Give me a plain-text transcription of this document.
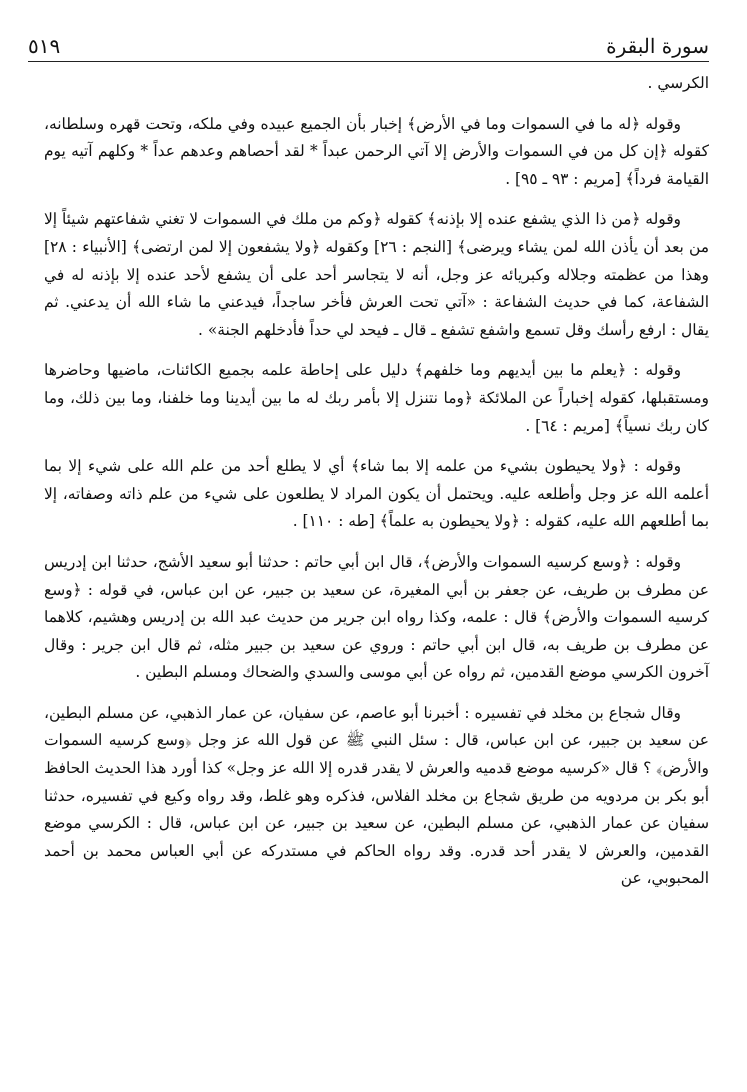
سورة البقرة
٥١٩

الكرسي .

وقوله ﴿له ما في السموات وما في الأرض﴾ إخبار بأن الجميع عبيده وفي ملكه، وتحت قهره وسلطانه، كقوله ﴿إن كل من في السموات والأرض إلا آتي الرحمن عبداً * لقد أحصاهم وعدهم عداً * وكلهم آتيه يوم القيامة فرداً﴾ [مريم : ٩٣ ـ ٩٥] .

وقوله ﴿من ذا الذي يشفع عنده إلا بإذنه﴾ كقوله ﴿وكم من ملك في السموات لا تغني شفاعتهم شيئاً إلا من بعد أن يأذن الله لمن يشاء ويرضى﴾ [النجم : ٢٦] وكقوله ﴿ولا يشفعون إلا لمن ارتضى﴾ [الأنبياء : ٢٨] وهذا من عظمته وجلاله وكبريائه عز وجل، أنه لا يتجاسر أحد على أن يشفع لأحد عنده إلا بإذنه له في الشفاعة، كما في حديث الشفاعة : «آتي تحت العرش فأخر ساجداً، فيدعني ما شاء الله أن يدعني. ثم يقال : ارفع رأسك وقل تسمع واشفع تشفع ـ قال ـ فيحد لي حداً فأدخلهم الجنة» .

وقوله : ﴿يعلم ما بين أيديهم وما خلفهم﴾ دليل على إحاطة علمه بجميع الكائنات، ماضيها وحاضرها ومستقبلها، كقوله إخباراً عن الملائكة ﴿وما نتنزل إلا بأمر ربك له ما بين أيدينا وما خلفنا، وما بين ذلك، وما كان ربك نسياً﴾ [مريم : ٦٤] .

وقوله : ﴿ولا يحيطون بشيء من علمه إلا بما شاء﴾ أي لا يطلع أحد من علم الله على شيء إلا بما أعلمه الله عز وجل وأطلعه عليه. ويحتمل أن يكون المراد لا يطلعون على شيء من علم ذاته وصفاته، إلا بما أطلعهم الله عليه، كقوله : ﴿ولا يحيطون به علماً﴾ [طه : ١١٠] .

وقوله : ﴿وسع كرسيه السموات والأرض﴾، قال ابن أبي حاتم : حدثنا أبو سعيد الأشج، حدثنا ابن إدريس عن مطرف بن طريف، عن جعفر بن أبي المغيرة، عن سعيد بن جبير، عن ابن عباس، في قوله : ﴿وسع كرسيه السموات والأرض﴾ قال : علمه، وكذا رواه ابن جرير من حديث عبد الله بن إدريس وهشيم، كلاهما عن مطرف بن طريف به، قال ابن أبي حاتم : وروي عن سعيد بن جبير مثله، ثم قال ابن جرير : وقال آخرون الكرسي موضع القدمين، ثم رواه عن أبي موسى والسدي والضحاك ومسلم البطين .

وقال شجاع بن مخلد في تفسيره : أخبرنا أبو عاصم، عن سفيان، عن عمار الذهبي، عن مسلم البطين، عن سعيد بن جبير، عن ابن عباس، قال : سئل النبي ﷺ عن قول الله عز وجل ﴿وسع كرسيه السموات والأرض﴾ ؟ قال «كرسيه موضع قدميه والعرش لا يقدر قدره إلا الله عز وجل» كذا أورد هذا الحديث الحافظ أبو بكر بن مردويه من طريق شجاع بن مخلد الفلاس، فذكره وهو غلط، وقد رواه وكيع في تفسيره، حدثنا سفيان عن عمار الذهبي، عن مسلم البطين، عن سعيد بن جبير، عن ابن عباس، قال : الكرسي موضع القدمين، والعرش لا يقدر أحد قدره. وقد رواه الحاكم في مستدركه عن أبي العباس محمد بن أحمد المحبوبي، عن
